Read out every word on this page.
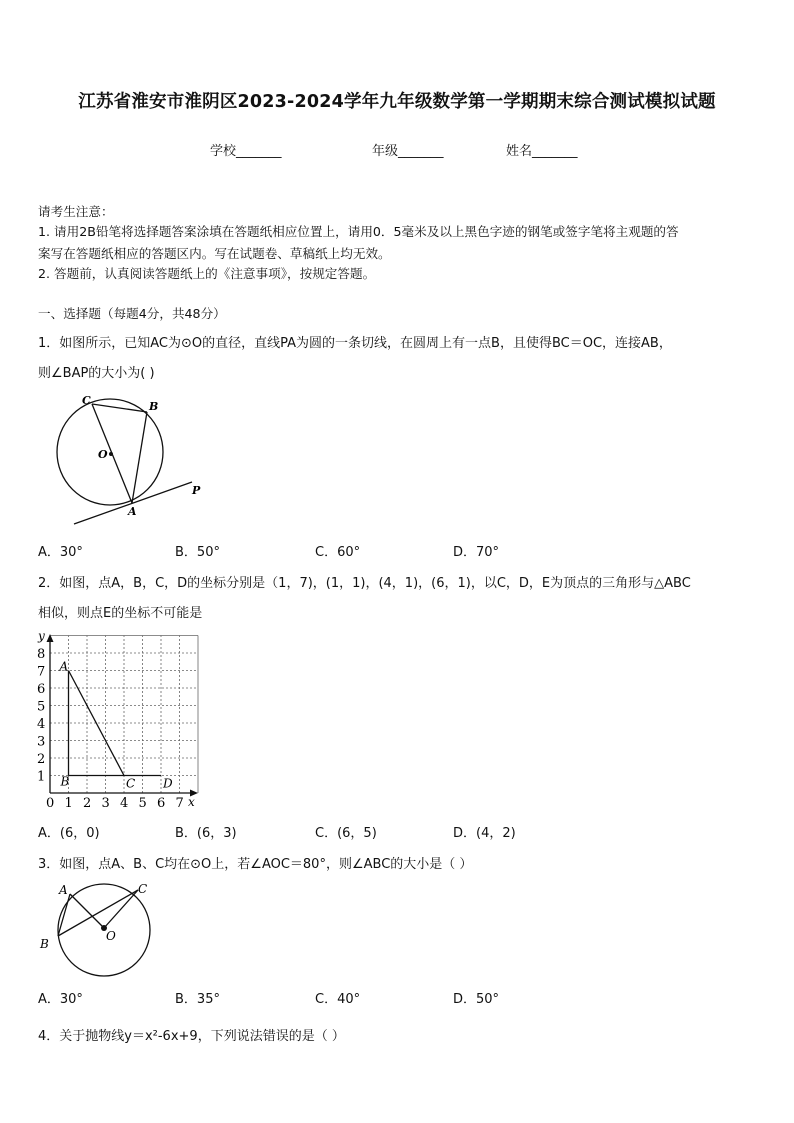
江苏省淮安市淮阴区2023-2024学年九年级数学第一学期期末综合测试模拟试题
学校_______	年级_______	姓名_______
请考生注意：
1. 请用2B铅笔将选择题答案涂填在答题纸相应位置上，请用0．5毫米及以上黑色字迹的钢笔或签字笔将主观题的答
案写在答题纸相应的答题区内。写在试题卷、草稿纸上均无效。
2. 答题前，认真阅读答题纸上的《注意事项》，按规定答题。
一、选择题（每题4分，共48分）
1．如图所示，已知AC为⊙O的直径，直线PA为圆的一条切线，在圆周上有一点B，且使得BC＝OC，连接AB，
则∠BAP的大小为( )
C	B
O
A
P
A．30°	B．50°	C．60°	D．70°
2．如图，点A，B，C，D的坐标分别是（1，7)，(1，1)，(4，1)，(6，1)，以C，D，E为顶点的三角形与△ABC
相似，则点E的坐标不可能是
y
x
8
7
6
5
4
3
2
1
0 1 2 3 4 5 6 7
A
B	C D
A．(6，0)	B．(6，3)	C．(6，5)	D．(4，2)
3．如图，点A、B、C均在⊙O上，若∠AOC＝80°，则∠ABC的大小是（ ）
A
B
C
O
A．30°	B．35°	C．40°	D．50°
4．关于抛物线y＝x²-6x+9，下列说法错误的是（ ）
